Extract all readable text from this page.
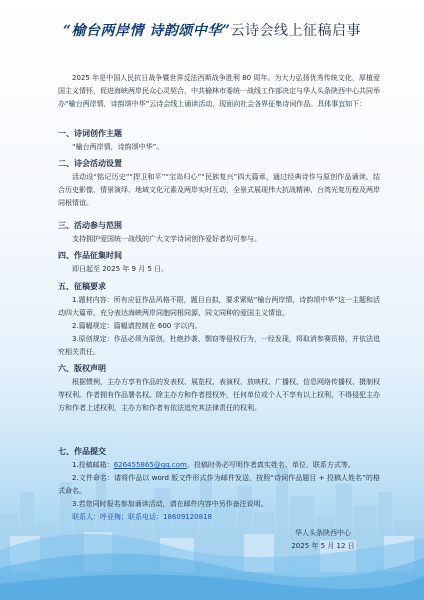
“榆台两岸情 诗韵颂中华”云诗会线上征稿启事
2025 年是中国人民抗日战争暨世界反法西斯战争胜利 80 周年。为大力弘扬优秀传统文化，厚植爱国主义情怀，促进海峡两岸民众心灵契合，中共榆林市委统一战线工作部决定与华人头条陕西中心共同举办“榆台两岸情，诗韵颂中华”云诗会线上诵读活动，现面向社会各界征集诗词作品。具体事宜如下：
一、诗词创作主题
“榆台两岸情，诗韵颂中华”。
二、诗会活动设置
活动设“铭记历史”“捍卫和平”“宝岛归心”“民族复兴”四大篇章，通过经典诗作与原创作品诵读，结合历史影像、情景演绎、地域文化元素及两岸实时互动，全景式展现伟大抗战精神、台湾光复历程及两岸同根情谊。
三、活动参与范围
支持拥护爱国统一战线的广大文学诗词创作爱好者均可参与。
四、作品征集时间
即日起至 2025 年 9 月 5 日。
五、征稿要求
1.题材内容：所有应征作品风格不限，题目自拟，要求紧贴“榆台两岸情，诗韵颂中华”这一主题和活动四大篇章，充分表达海峡两岸同胞同根同源、同文同种的爱国主义情谊。
2.篇幅规定：篇幅请控制在 600 字以内。
3.原创规定：作品必须为原创，杜绝抄袭、剽窃等侵权行为，一经发现，将取消参赛资格，并依法追究相关责任。
六、版权声明
根据惯例，主办方享有作品的发表权、展览权、表演权、放映权、广播权、信息网络传播权、摄制权等权利。作者拥有作品署名权。除主办方和作者授权外，任何单位或个人不享有以上权利，不得侵犯主办方和作者上述权利，主办方和作者有依法追究其法律责任的权利。
七、作品提交
1.投稿邮箱：626455865@qq.com，投稿时务必写明作者真实姓名、单位、联系方式等。
2.文件命名：请将作品以 word 版文件形式作为邮件发送，按照“诗词作品题目 + 投稿人姓名”的格式命名。
3.若您同时报名参加诵读活动，请在邮件内容中另作备注说明。
联系人：呼亚梅；联系电话：18609120818
华人头条陕西中心
2025 年 5 月 12 日
